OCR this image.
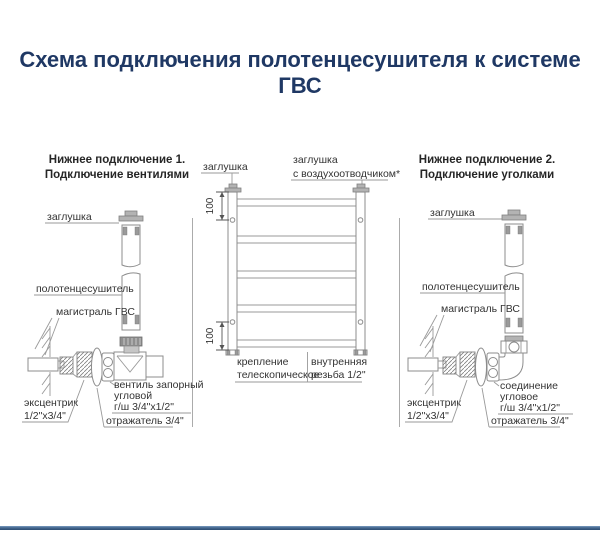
Схема подключения полотенцесушителя к системе ГВС
Нижнее подключение 1.
Подключение вентилями
заглушка
полотенцесушитель
магистраль ГВС
вентиль запорный
угловой
г/ш 3/4"x1/2"
эксцентрик
1/2"x3/4"	отражатель 3/4"
заглушка
заглушка
с воздухоотводчиком*
100
100
крепление
телескопическое
внутренняя
резьба 1/2"
Нижнее подключение 2.
Подключение уголками
заглушка
полотенцесушитель
магистраль ГВС
соединение
угловое
г/ш 3/4"x1/2"
эксцентрик
1/2"x3/4"	отражатель 3/4"
